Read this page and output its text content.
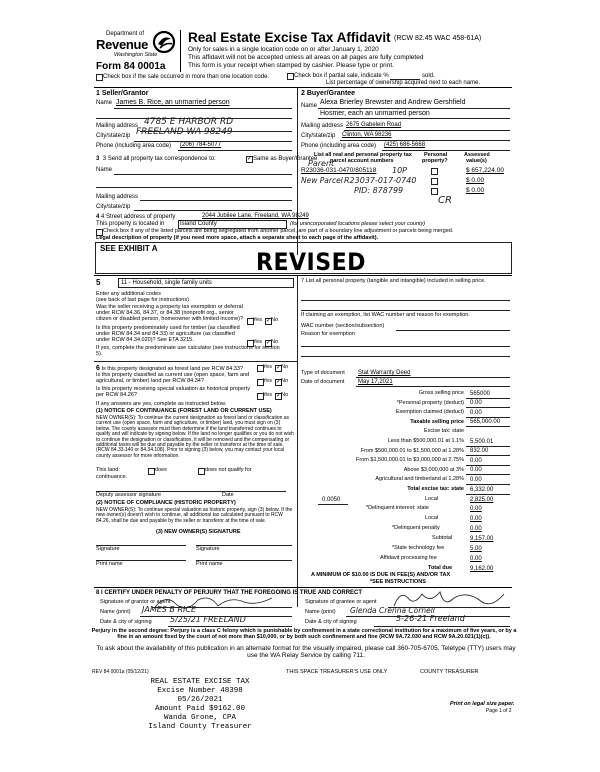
Department of
Revenue
Washington State
Form 84 0001a
Real Estate Excise Tax Affidavit (RCW 82.45 WAC 458-61A)
Only for sales in a single location code on or after January 1, 2020
This affidavit will not be accepted unless all areas on all pages are fully completed
This form is your receipt when stamped by cashier. Please type or print.
Check box if the sale occurred in more than one location code.	Check box if partial sale, indicate %	sold.
List percentage of ownership acquired next to each name.
1 Seller/Grantor
Name James B. Rice, an unmarried person
Mailing address 4785 E HARBOR RD
City/state/zip FREELAND WA 98249
Phone (including area code) (206) 784-5077
2 Buyer/Grantee
Name Alexa Brierley Brewster and Andrew Gershfield
Hosmer, each an unmarried person
Mailing address 2675 Gabelein Road
City/state/zip Clinton, WA 98236
Phone (including area code) (425) 686-5668
3 3 Send all property tax correspondence to:	✓ Same as Buyer/Grantee
Name
Mailing address
City/state/zip
List all real and personal property tax
parcel account numbers
Personal
property?
Assessed
value(s)
Parent
R23036-031-0470/805118 10P	$ 657,224.00
New Parcel R23037-017-0740	$ 0.00
PID: 878799	$ 0.00
CR
4 4 Street address of property	2044 Jubilee Lane, Freeland, WA 98249
This property is located in	Island County	(for unincorporated locations please select your county)
Check box if any of the listed parcels are being segregated from another parcel, are part of a boundary line adjustment or parcels being merged.
Legal description of property (if you need more space, attach a separate sheet to each page of the affidavit).
SEE EXHIBIT A	REVISED
5	11 - Household, single family units
Enter any additional codes
(see back of last page for instructions)
Was the seller receiving a property tax exemption or deferral under RCW 84.36, 84.37, or 84.38 (nonprofit org., senior citizen or disabled person, homeowner with limited income)?	Yes ✓ No
Is this property predominately used for timber (as classified under RCW 84.34 and 84.33) or agriculture (as classified under RCW 84.34.020)? See ETA 3215.	Yes ✓ No
If yes, complete the predominate use calculator (see instructions for section 5).
6 Is this property designated as forest land per RCW 84.33?	Yes ✓ No
Is this property classified as current use (open space, farm and agricultural, or timber) land per RCW 84.34?	Yes ✓ No
Is this property receiving special valuation as historical property per RCW 84.26?	Yes ✓ No
If any answers are yes, complete as instructed below.
(1) NOTICE OF CONTINUANCE (FOREST LAND OR CURRENT USE)
NEW OWNER(S): To continue the current designation as forest land or classification as current use (open space, farm and agriculture, or timber) land, you must sign on (3) below. The county assessor must then determine if the land transferred continues to qualify and will indicate by signing below. If the land no longer qualifies or you do not wish to continue the designation or classification, it will be removed and the compensating or additional taxes will be due and payable by the seller or transferor at the time of sale. (RCW 84.33.140 or 84.34.108). Prior to signing (3) below, you may contact your local county assessor for more information.
This land:	does	does not qualify for
continuance.
Deputy assessor signature	Date
(2) NOTICE OF COMPLIANCE (HISTORIC PROPERTY)
NEW OWNER(S): To continue special valuation as historic property, sign (3) below. If the new owner(s) doesn't wish to continue, all additional tax calculated pursuant to RCW 84.26, shall be due and payable by the seller or transferor at the time of sale.
(3) NEW OWNER(S) SIGNATURE
Signature	Signature
Print name	Print name
7 List all personal property (tangible and intangible) included in selling price.
If claiming an exemption, list WAC number and reason for exemption.
WAC number (section/subsection)
Reason for exemption
Type of document Stat Warranty Deed
Date of document May 17,2021
Gross selling price 565000
*Personal property (deduct) 0.00
Exemption claimed (deduct) 0.00
Taxable selling price 565,000.00
Excise tax: state
Less than $500,000.01 at 1.1% 5,500.01
From $500,000.01 to $1,500,000 at 1.28% 832.00
From $1,500,000.01 to $3,000,000 at 2.75% 0.00
Above $3,000,000 at 3% 0.00
Agricultural and timberland at 1.28% 0.00
Total excise tax: state 6,332.00
0.0050	Local	2,825.00
*Delinquent interest: state	0.00
Local	0.00
*Delinquent penalty	0.00
Subtotal	9,157.00
*State technology fee	5.00
Affidavit processing fee	0.00
Total due	9,162.00
A MINIMUM OF $10.00 IS DUE IN FEE(S) AND/OR TAX
*SEE INSTRUCTIONS
8 I CERTIFY UNDER PENALTY OF PERJURY THAT THE FOREGOING IS TRUE AND CORRECT
Signature of grantor or agent
Name (print) JAMES B RICE
Date & city of signing 5/25/21 FREELAND
Signature of grantee or agent
Name (print) Glenda Crenna Cornell
Date & city of signing	5-26-21 Freeland
Perjury in the second degree: Perjury is a class C felony which is punishable by confinement in a state correctional institution for a maximum of five years, or by a fine in an amount fixed by the court of not more than $10,000, or by both such confinement and fine (RCW 9A.72.030 and RCW 9A.20.021(1)(c)).
To ask about the availability of this publication in an alternate format for the visually impaired, please call 360-705-6705. Teletype (TTY) users may use the WA Relay Service by calling 711.
REV 84 0001a (05/12/21)	THIS SPACE TREASURER'S USE ONLY	COUNTY TREASURER
REAL ESTATE EXCISE TAX
Excise Number 48398
05/26/2021
Amount Paid $9162.00
Wanda Grone, CPA
Island County Treasurer
Print on legal size paper.
Page 1 of 2
